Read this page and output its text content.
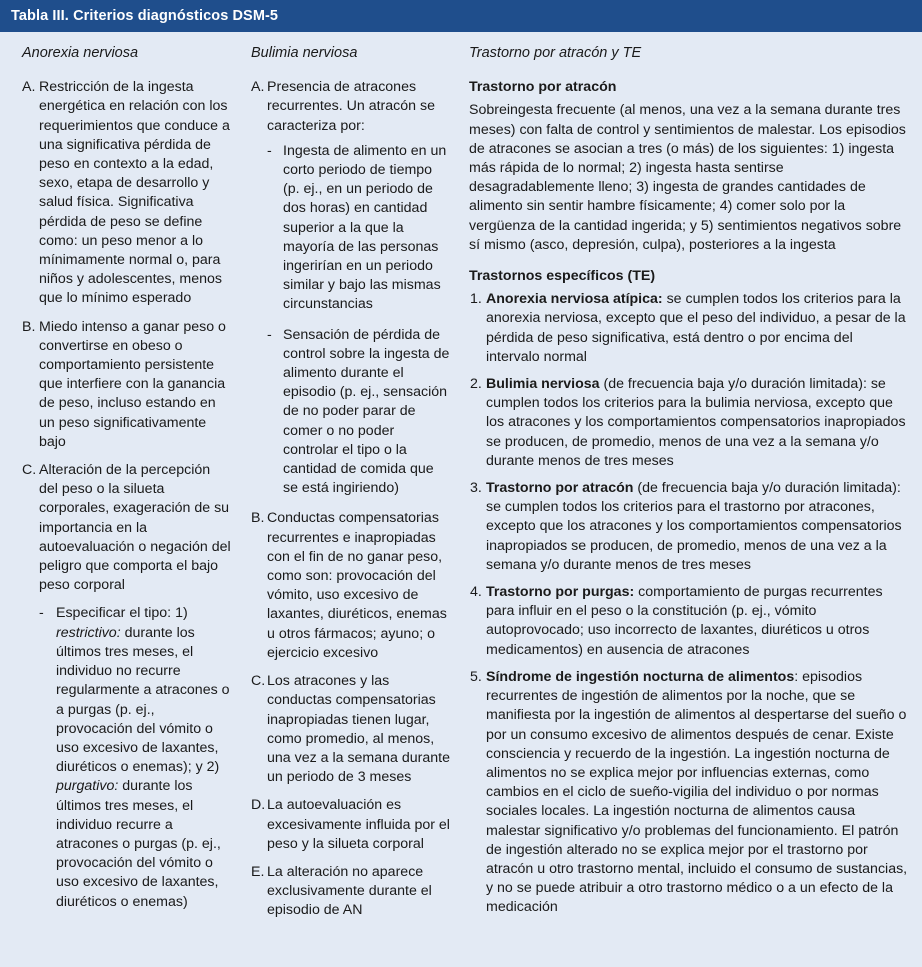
Tabla III. Criterios diagnósticos DSM-5
Anorexia nerviosa
A. Restricción de la ingesta energética en relación con los requerimientos que conduce a una significativa pérdida de peso en contexto a la edad, sexo, etapa de desarrollo y salud física. Significativa pérdida de peso se define como: un peso menor a lo mínimamente normal o, para niños y adolescentes, menos que lo mínimo esperado
B. Miedo intenso a ganar peso o convertirse en obeso o comportamiento persistente que interfiere con la ganancia de peso, incluso estando en un peso significativamente bajo
C. Alteración de la percepción del peso o la silueta corporales, exageración de su importancia en la autoevaluación o negación del peligro que comporta el bajo peso corporal
- Especificar el tipo: 1) restrictivo: durante los últimos tres meses, el individuo no recurre regularmente a atracones o a purgas (p. ej., provocación del vómito o uso excesivo de laxantes, diuréticos o enemas); y 2) purgativo: durante los últimos tres meses, el individuo recurre a atracones o purgas (p. ej., provocación del vómito o uso excesivo de laxantes, diuréticos o enemas)
Bulimia nerviosa
A. Presencia de atracones recurrentes. Un atracón se caracteriza por:
- Ingesta de alimento en un corto periodo de tiempo (p. ej., en un periodo de dos horas) en cantidad superior a la que la mayoría de las personas ingerirían en un periodo similar y bajo las mismas circunstancias
- Sensación de pérdida de control sobre la ingesta de alimento durante el episodio (p. ej., sensación de no poder parar de comer o no poder controlar el tipo o la cantidad de comida que se está ingiriendo)
B. Conductas compensatorias recurrentes e inapropiadas con el fin de no ganar peso, como son: provocación del vómito, uso excesivo de laxantes, diuréticos, enemas u otros fármacos; ayuno; o ejercicio excesivo
C. Los atracones y las conductas compensatorias inapropiadas tienen lugar, como promedio, al menos, una vez a la semana durante un periodo de 3 meses
D. La autoevaluación es excesivamente influida por el peso y la silueta corporal
E. La alteración no aparece exclusivamente durante el episodio de AN
Trastorno por atracón y TE
Trastorno por atracón
Sobreingesta frecuente (al menos, una vez a la semana durante tres meses) con falta de control y sentimientos de malestar. Los episodios de atracones se asocian a tres (o más) de los siguientes: 1) ingesta más rápida de lo normal; 2) ingesta hasta sentirse desagradablemente lleno; 3) ingesta de grandes cantidades de alimento sin sentir hambre físicamente; 4) comer solo por la vergüenza de la cantidad ingerida; y 5) sentimientos negativos sobre sí mismo (asco, depresión, culpa), posteriores a la ingesta
Trastornos específicos (TE)
1. Anorexia nerviosa atípica: se cumplen todos los criterios para la anorexia nerviosa, excepto que el peso del individuo, a pesar de la pérdida de peso significativa, está dentro o por encima del intervalo normal
2. Bulimia nerviosa (de frecuencia baja y/o duración limitada): se cumplen todos los criterios para la bulimia nerviosa, excepto que los atracones y los comportamientos compensatorios inapropiados se producen, de promedio, menos de una vez a la semana y/o durante menos de tres meses
3. Trastorno por atracón (de frecuencia baja y/o duración limitada): se cumplen todos los criterios para el trastorno por atracones, excepto que los atracones y los comportamientos compensatorios inapropiados se producen, de promedio, menos de una vez a la semana y/o durante menos de tres meses
4. Trastorno por purgas: comportamiento de purgas recurrentes para influir en el peso o la constitución (p. ej., vómito autoprovocado; uso incorrecto de laxantes, diuréticos u otros medicamentos) en ausencia de atracones
5. Síndrome de ingestión nocturna de alimentos: episodios recurrentes de ingestión de alimentos por la noche, que se manifiesta por la ingestión de alimentos al despertarse del sueño o por un consumo excesivo de alimentos después de cenar. Existe consciencia y recuerdo de la ingestión. La ingestión nocturna de alimentos no se explica mejor por influencias externas, como cambios en el ciclo de sueño-vigilia del individuo o por normas sociales locales. La ingestión nocturna de alimentos causa malestar significativo y/o problemas del funcionamiento. El patrón de ingestión alterado no se explica mejor por el trastorno por atracón u otro trastorno mental, incluido el consumo de sustancias, y no se puede atribuir a otro trastorno médico o a un efecto de la medicación
